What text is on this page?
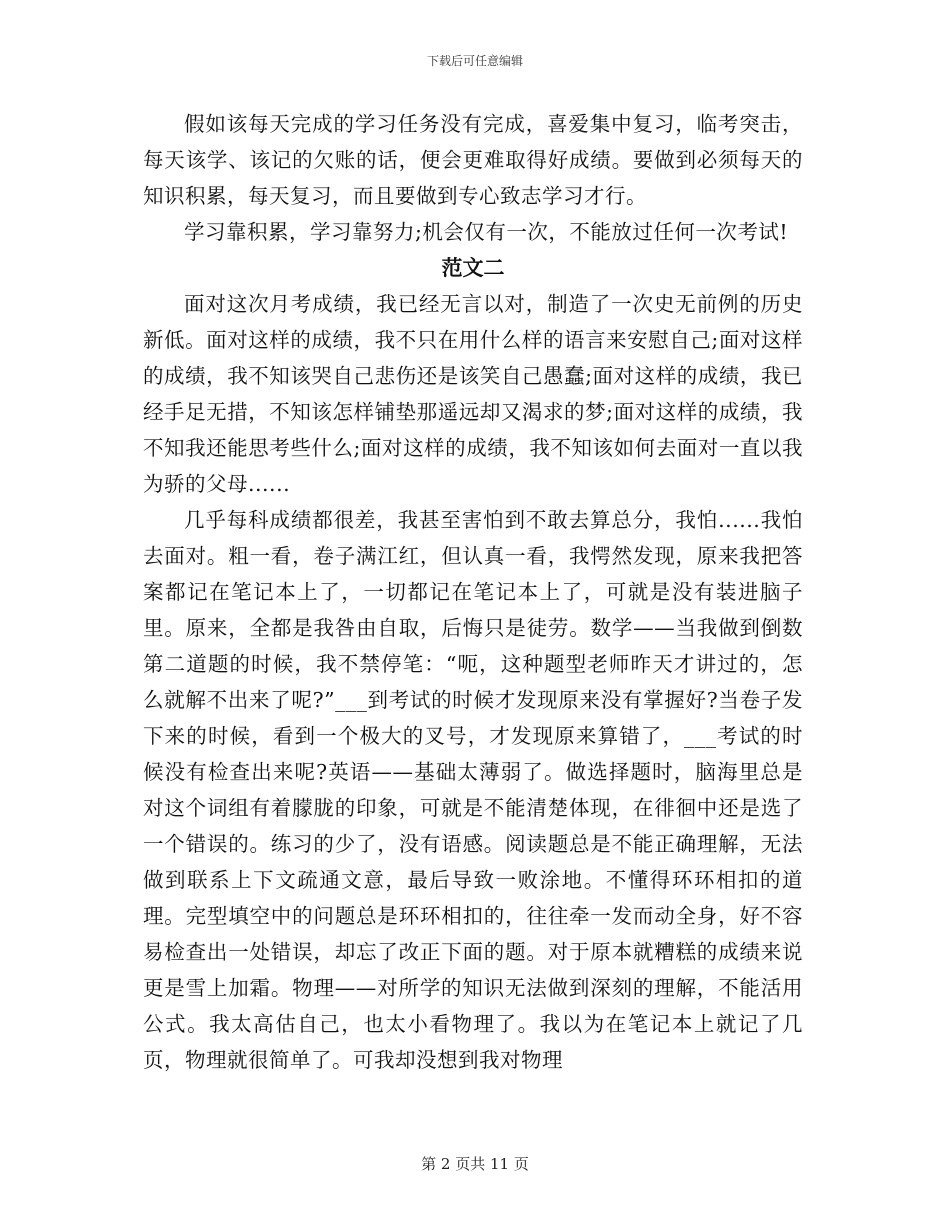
下载后可任意编辑

假如该每天完成的学习任务没有完成，喜爱集中复习，临考突击，每天该学、该记的欠账的话，便会更难取得好成绩。要做到必须每天的知识积累，每天复习，而且要做到专心致志学习才行。

学习靠积累，学习靠努力;机会仅有一次，不能放过任何一次考试!

范文二

面对这次月考成绩，我已经无言以对，制造了一次史无前例的历史新低。面对这样的成绩，我不只在用什么样的语言来安慰自己;面对这样的成绩，我不知该哭自己悲伤还是该笑自己愚蠢;面对这样的成绩，我已经手足无措，不知该怎样铺垫那遥远却又渴求的梦;面对这样的成绩，我不知我还能思考些什么;面对这样的成绩，我不知该如何去面对一直以我为骄的父母......

几乎每科成绩都很差，我甚至害怕到不敢去算总分，我怕......我怕去面对。粗一看，卷子满江红，但认真一看，我愕然发现，原来我把答案都记在笔记本上了，一切都记在笔记本上了，可就是没有装进脑子里。原来，全都是我咎由自取，后悔只是徒劳。数学——当我做到倒数第二道题的时候，我不禁停笔：“呃，这种题型老师昨天才讲过的，怎么就解不出来了呢?”___到考试的时候才发现原来没有掌握好?当卷子发下来的时候，看到一个极大的叉号，才发现原来算错了，___考试的时候没有检查出来呢?英语——基础太薄弱了。做选择题时，脑海里总是对这个词组有着朦胧的印象，可就是不能清楚体现，在徘徊中还是选了一个错误的。练习的少了，没有语感。阅读题总是不能正确理解，无法做到联系上下文疏通文意，最后导致一败涂地。不懂得环环相扣的道理。完型填空中的问题总是环环相扣的，往往牵一发而动全身，好不容易检查出一处错误，却忘了改正下面的题。对于原本就糟糕的成绩来说更是雪上加霜。物理——对所学的知识无法做到深刻的理解，不能活用公式。我太高估自己，也太小看物理了。我以为在笔记本上就记了几页，物理就很简单了。可我却没想到我对物理

第 2 页共 11 页
